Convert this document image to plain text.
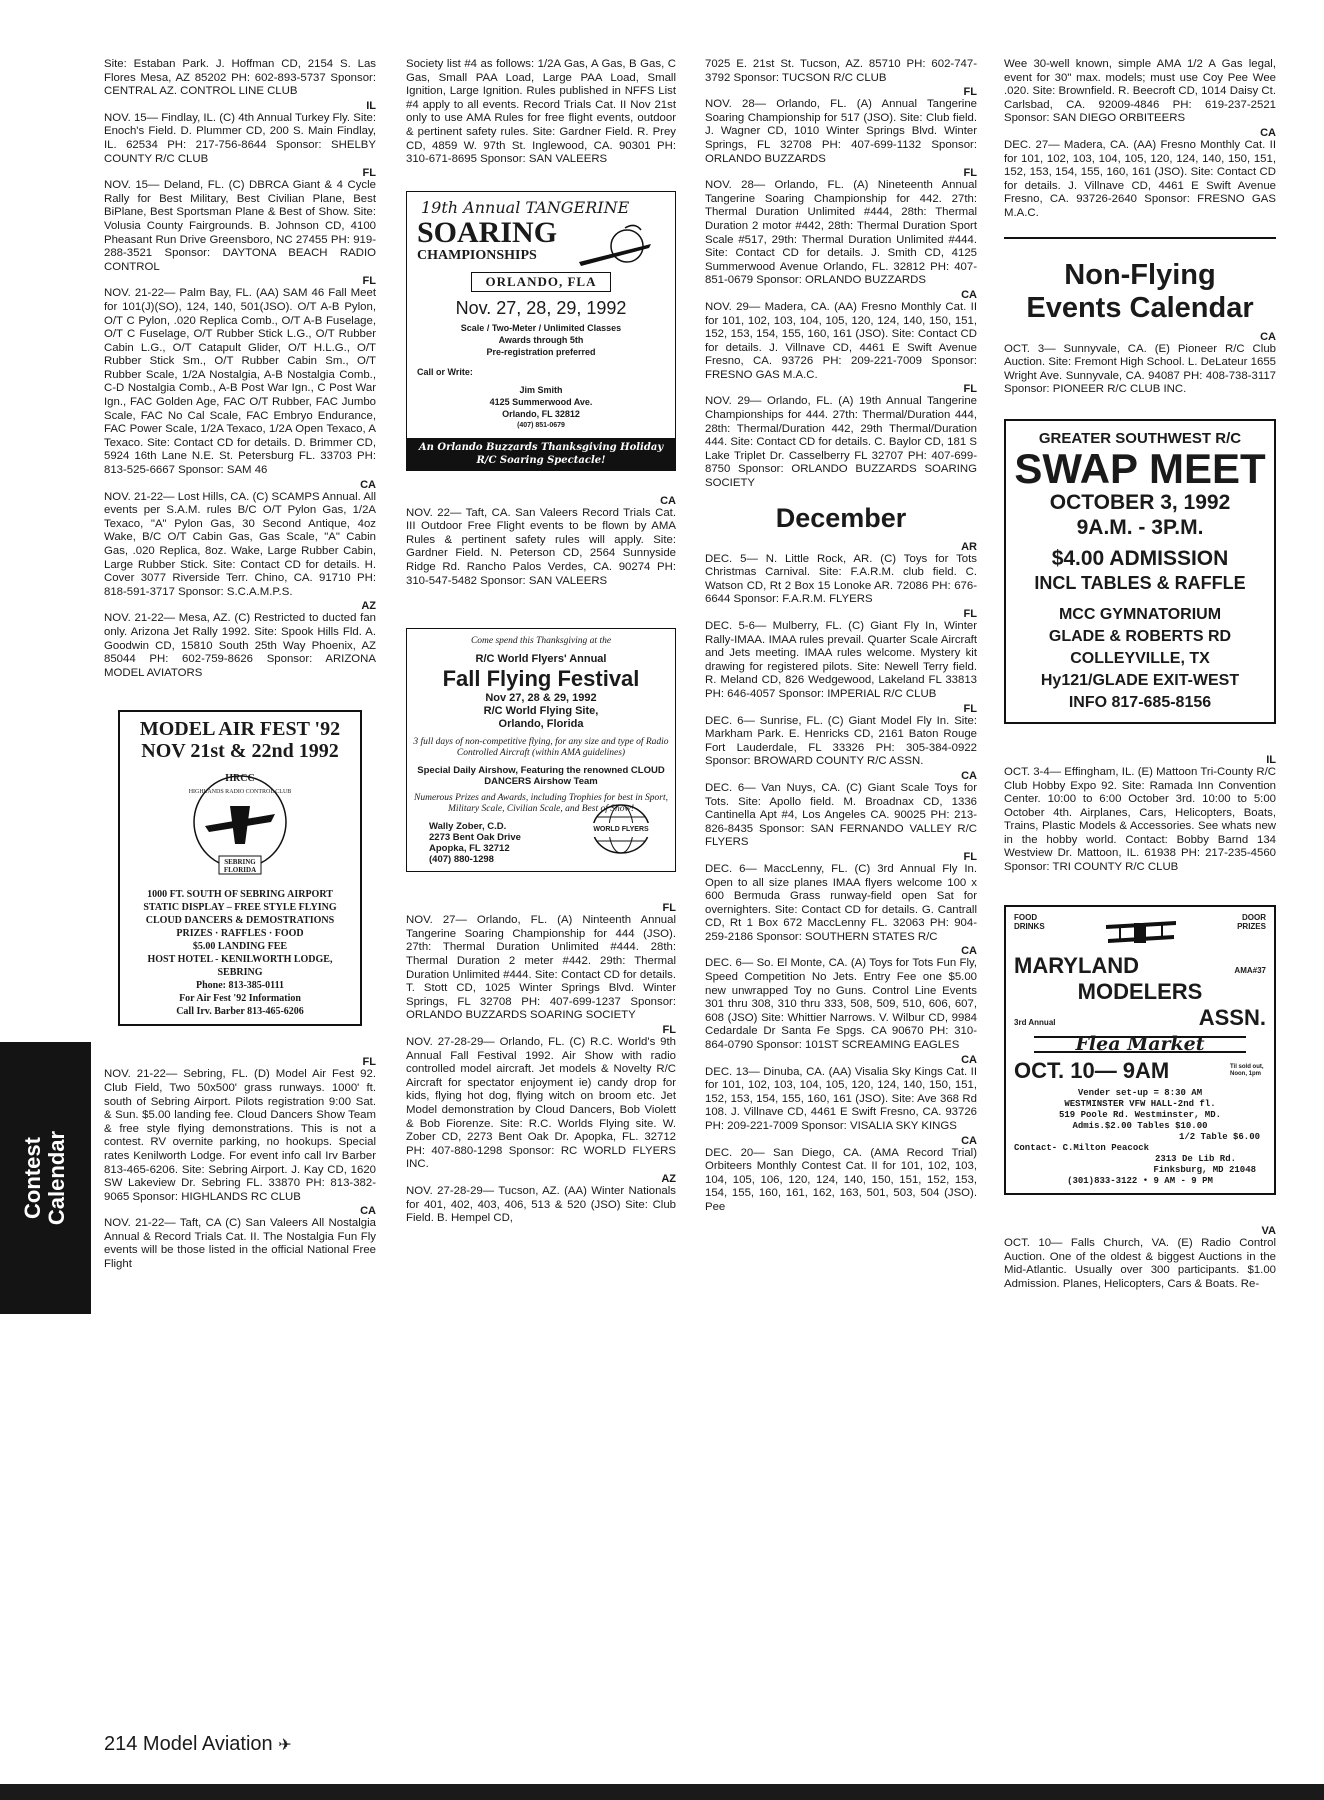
Site: Estaban Park. J. Hoffman CD, 2154 S. Las Flores Mesa, AZ 85202 PH: 602-893-5737 Sponsor: CENTRAL AZ. CONTROL LINE CLUB

IL

NOV. 15— Findlay, IL. (C) 4th Annual Turkey Fly. Site: Enoch's Field. D. Plummer CD, 200 S. Main Findlay, IL. 62534 PH: 217-756-8644 Sponsor: SHELBY COUNTY R/C CLUB

FL

NOV. 15— Deland, FL. (C) DBRCA Giant & 4 Cycle Rally for Best Military, Best Civilian Plane, Best BiPlane, Best Sportsman Plane & Best of Show. Site: Volusia County Fairgrounds. B. Johnson CD, 4100 Pheasant Run Drive Greensboro, NC 27455 PH: 919-288-3521 Sponsor: DAYTONA BEACH RADIO CONTROL

FL

NOV. 21-22— Palm Bay, FL. (AA) SAM 46 Fall Meet for 101(J)(SO), 124, 140, 501(JSO). O/T A-B Pylon, O/T C Pylon, .020 Replica Comb., O/T A-B Fuselage, O/T C Fuselage, O/T Rubber Stick L.G., O/T Rubber Cabin L.G., O/T Catapult Glider, O/T H.L.G., O/T Rubber Stick Sm., O/T Rubber Cabin Sm., O/T Rubber Scale, 1/2A Nostalgia, A-B Nostalgia Comb., C-D Nostalgia Comb., A-B Post War Ign., C Post War Ign., FAC Golden Age, FAC O/T Rubber, FAC Jumbo Scale, FAC No Cal Scale, FAC Embryo Endurance, FAC Power Scale, 1/2A Texaco, 1/2A Open Texaco, A Texaco. Site: Contact CD for details. D. Brimmer CD, 5924 16th Lane N.E. St. Petersburg FL. 33703 PH: 813-525-6667 Sponsor: SAM 46

CA

NOV. 21-22— Lost Hills, CA. (C) SCAMPS Annual. All events per S.A.M. rules B/C O/T Pylon Gas, 1/2A Texaco, "A" Pylon Gas, 30 Second Antique, 4oz Wake, B/C O/T Cabin Gas, Gas Scale, "A" Cabin Gas, .020 Replica, 8oz. Wake, Large Rubber Cabin, Large Rubber Stick. Site: Contact CD for details. H. Cover 3077 Riverside Terr. Chino, CA. 91710 PH: 818-591-3717 Sponsor: S.C.A.M.P.S.

AZ

NOV. 21-22— Mesa, AZ. (C) Restricted to ducted fan only. Arizona Jet Rally 1992. Site: Spook Hills Fld. A. Goodwin CD, 15810 South 25th Way Phoenix, AZ 85044 PH: 602-759-8626 Sponsor: ARIZONA MODEL AVIATORS

MODEL AIR FEST '92
NOV 21st & 22nd 1992
HRCC
HIGHLANDS RADIO CONTROL CLUB
SEBRING FLORIDA
1000 FT. SOUTH OF SEBRING AIRPORT
STATIC DISPLAY – FREE STYLE FLYING
CLOUD DANCERS & DEMOSTRATIONS
PRIZES · RAFFLES · FOOD
$5.00 LANDING FEE
HOST HOTEL - KENILWORTH LODGE, SEBRING
Phone: 813-385-0111
For Air Fest '92 Information
Call Irv. Barber 813-465-6206

FL

NOV. 21-22— Sebring, FL. (D) Model Air Fest 92. Club Field, Two 50x500' grass runways. 1000' ft. south of Sebring Airport. Pilots registration 9:00 Sat. & Sun. $5.00 landing fee. Cloud Dancers Show Team & free style flying demonstrations. This is not a contest. RV overnite parking, no hookups. Special rates Kenilworth Lodge. For event info call Irv Barber 813-465-6206. Site: Sebring Airport. J. Kay CD, 1620 SW Lakeview Dr. Sebring FL. 33870 PH: 813-382-9065 Sponsor: HIGHLANDS RC CLUB

CA

NOV. 21-22— Taft, CA (C) San Valeers All Nostalgia Annual & Record Trials Cat. II. The Nostalgia Fun Fly events will be those listed in the official National Free Flight

Society list #4 as follows: 1/2A Gas, A Gas, B Gas, C Gas, Small PAA Load, Large PAA Load, Small Ignition, Large Ignition. Rules published in NFFS List #4 apply to all events. Record Trials Cat. II Nov 21st only to use AMA Rules for free flight events, outdoor & pertinent safety rules. Site: Gardner Field. R. Prey CD, 4859 W. 97th St. Inglewood, CA. 90301 PH: 310-671-8695 Sponsor: SAN VALEERS

19th Annual TANGERINE
SOARING
CHAMPIONSHIPS
ORLANDO, FLA
Nov. 27, 28, 29, 1992
Scale / Two-Meter / Unlimited Classes
Awards through 5th
Pre-registration preferred
Call or Write:
Jim Smith
4125 Summerwood Ave.
Orlando, FL 32812
(407) 851-0679
An Orlando Buzzards Thanksgiving Holiday
R/C Soaring Spectacle!

CA

NOV. 22— Taft, CA. San Valeers Record Trials Cat. III Outdoor Free Flight events to be flown by AMA Rules & pertinent safety rules will apply. Site: Gardner Field. N. Peterson CD, 2564 Sunnyside Ridge Rd. Rancho Palos Verdes, CA. 90274 PH: 310-547-5482 Sponsor: SAN VALEERS

Come spend this Thanksgiving at the
R/C World Flyers' Annual
Fall Flying Festival
Nov 27, 28 & 29, 1992
R/C World Flying Site,
Orlando, Florida
3 full days of non-competitive flying, for any size and type of Radio Controlled Aircraft (within AMA guidelines)
Special Daily Airshow, Featuring the renowned CLOUD DANCERS Airshow Team
Numerous Prizes and Awards, including Trophies for best in Sport, Military Scale, Civilian Scale, and Best of Show!
Wally Zober, C.D.
2273 Bent Oak Drive
Apopka, FL 32712
(407) 880-1298
WORLD FLYERS

FL

NOV. 27— Orlando, FL. (A) Ninteenth Annual Tangerine Soaring Championship for 444 (JSO). 27th: Thermal Duration Unlimited #444. 28th: Thermal Duration 2 meter #442. 29th: Thermal Duration Unlimited #444. Site: Contact CD for details. T. Stott CD, 1025 Winter Springs Blvd. Winter Springs, FL 32708 PH: 407-699-1237 Sponsor: ORLANDO BUZZARDS SOARING SOCIETY

FL

NOV. 27-28-29— Orlando, FL. (C) R.C. World's 9th Annual Fall Festival 1992. Air Show with radio controlled model aircraft. Jet models & Novelty R/C Aircraft for spectator enjoyment ie) candy drop for kids, flying hot dog, flying witch on broom etc. Jet Model demonstration by Cloud Dancers, Bob Violett & Bob Fiorenze. Site: R.C. Worlds Flying site. W. Zober CD, 2273 Bent Oak Dr. Apopka, FL. 32712 PH: 407-880-1298 Sponsor: RC WORLD FLYERS INC.

AZ

NOV. 27-28-29— Tucson, AZ. (AA) Winter Nationals for 401, 402, 403, 406, 513 & 520 (JSO) Site: Club Field. B. Hempel CD,

7025 E. 21st St. Tucson, AZ. 85710 PH: 602-747-3792 Sponsor: TUCSON R/C CLUB

FL

NOV. 28— Orlando, FL. (A) Annual Tangerine Soaring Championship for 517 (JSO). Site: Club field. J. Wagner CD, 1010 Winter Springs Blvd. Winter Springs, FL 32708 PH: 407-699-1132 Sponsor: ORLANDO BUZZARDS

FL

NOV. 28— Orlando, FL. (A) Nineteenth Annual Tangerine Soaring Championship for 442. 27th: Thermal Duration Unlimited #444, 28th: Thermal Duration 2 motor #442, 28th: Thermal Duration Sport Scale #517, 29th: Thermal Duration Unlimited #444. Site: Contact CD for details. J. Smith CD, 4125 Summerwood Avenue Orlando, FL. 32812 PH: 407-851-0679 Sponsor: ORLANDO BUZZARDS

CA

NOV. 29— Madera, CA. (AA) Fresno Monthly Cat. II for 101, 102, 103, 104, 105, 120, 124, 140, 150, 151, 152, 153, 154, 155, 160, 161 (JSO). Site: Contact CD for details. J. Villnave CD, 4461 E Swift Avenue Fresno, CA. 93726 PH: 209-221-7009 Sponsor: FRESNO GAS M.A.C.

FL

NOV. 29— Orlando, FL. (A) 19th Annual Tangerine Championships for 444. 27th: Thermal/Duration 444, 28th: Thermal/Duration 442, 29th Thermal/Duration 444. Site: Contact CD for details. C. Baylor CD, 181 S Lake Triplet Dr. Casselberry FL 32707 PH: 407-699-8750 Sponsor: ORLANDO BUZZARDS SOARING SOCIETY

December

AR

DEC. 5— N. Little Rock, AR. (C) Toys for Tots Christmas Carnival. Site: F.A.R.M. club field. C. Watson CD, Rt 2 Box 15 Lonoke AR. 72086 PH: 676-6644 Sponsor: F.A.R.M. FLYERS

FL

DEC. 5-6— Mulberry, FL. (C) Giant Fly In, Winter Rally-IMAA. IMAA rules prevail. Quarter Scale Aircraft and Jets meeting. IMAA rules welcome. Mystery kit drawing for registered pilots. Site: Newell Terry field. R. Meland CD, 826 Wedgewood, Lakeland FL 33813 PH: 646-4057 Sponsor: IMPERIAL R/C CLUB

FL

DEC. 6— Sunrise, FL. (C) Giant Model Fly In. Site: Markham Park. E. Henricks CD, 2161 Baton Rouge Fort Lauderdale, FL 33326 PH: 305-384-0922 Sponsor: BROWARD COUNTY R/C ASSN.

CA

DEC. 6— Van Nuys, CA. (C) Giant Scale Toys for Tots. Site: Apollo field. M. Broadnax CD, 1336 Cantinella Apt #4, Los Angeles CA. 90025 PH: 213-826-8435 Sponsor: SAN FERNANDO VALLEY R/C FLYERS

FL

DEC. 6— MaccLenny, FL. (C) 3rd Annual Fly In. Open to all size planes IMAA flyers welcome 100 x 600 Bermuda Grass runway-field open Sat for overnighters. Site: Contact CD for details. G. Cantrall CD, Rt 1 Box 672 MaccLenny FL. 32063 PH: 904-259-2186 Sponsor: SOUTHERN STATES R/C

CA

DEC. 6— So. El Monte, CA. (A) Toys for Tots Fun Fly, Speed Competition No Jets. Entry Fee one $5.00 new unwrapped Toy no Guns. Control Line Events 301 thru 308, 310 thru 333, 508, 509, 510, 606, 607, 608 (JSO) Site: Whittier Narrows. V. Wilbur CD, 9984 Cedardale Dr Santa Fe Spgs. CA 90670 PH: 310-864-0790 Sponsor: 101ST SCREAMING EAGLES

CA

DEC. 13— Dinuba, CA. (AA) Visalia Sky Kings Cat. II for 101, 102, 103, 104, 105, 120, 124, 140, 150, 151, 152, 153, 154, 155, 160, 161 (JSO). Site: Ave 368 Rd 108. J. Villnave CD, 4461 E Swift Fresno, CA. 93726 PH: 209-221-7009 Sponsor: VISALIA SKY KINGS

CA

DEC. 20— San Diego, CA. (AMA Record Trial) Orbiteers Monthly Contest Cat. II for 101, 102, 103, 104, 105, 106, 120, 124, 140, 150, 151, 152, 153, 154, 155, 160, 161, 162, 163, 501, 503, 504 (JSO). Pee

Wee 30-well known, simple AMA 1/2 A Gas legal, event for 30" max. models; must use Coy Pee Wee .020. Site: Brownfield. R. Beecroft CD, 1014 Daisy Ct. Carlsbad, CA. 92009-4846 PH: 619-237-2521 Sponsor: SAN DIEGO ORBITEERS

CA

DEC. 27— Madera, CA. (AA) Fresno Monthly Cat. II for 101, 102, 103, 104, 105, 120, 124, 140, 150, 151, 152, 153, 154, 155, 160, 161 (JSO). Site: Contact CD for details. J. Villnave CD, 4461 E Swift Avenue Fresno, CA. 93726-2640 Sponsor: FRESNO GAS M.A.C.

Non-Flying
Events Calendar

CA

OCT. 3— Sunnyvale, CA. (E) Pioneer R/C Club Auction. Site: Fremont High School. L. DeLateur 1655 Wright Ave. Sunnyvale, CA. 94087 PH: 408-738-3117 Sponsor: PIONEER R/C CLUB INC.

GREATER SOUTHWEST R/C
SWAP MEET
OCTOBER 3, 1992
9A.M. - 3P.M.
$4.00 ADMISSION
INCL TABLES & RAFFLE
MCC GYMNATORIUM
GLADE & ROBERTS RD
COLLEYVILLE, TX
Hy121/GLADE EXIT-WEST
INFO 817-685-8156

IL

OCT. 3-4— Effingham, IL. (E) Mattoon Tri-County R/C Club Hobby Expo 92. Site: Ramada Inn Convention Center. 10:00 to 6:00 October 3rd. 10:00 to 5:00 October 4th. Airplanes, Cars, Helicopters, Boats, Trains, Plastic Models & Accessories. See whats new in the hobby world. Contact: Bobby Barnd 134 Westview Dr. Mattoon, IL. 61938 PH: 217-235-4560 Sponsor: TRI COUNTY R/C CLUB

FOOD
DRINKS
DOOR
PRIZES
MARYLAND	AMA#37
MODELERS
3rd Annual	ASSN.
Flea Market
OCT. 10— 9AM	Til sold out, Noon, 1pm
Vender set-up = 8:30 AM
WESTMINSTER VFW HALL-2nd fl.
519 Poole Rd. Westminster, MD.
Admis.$2.00 Tables $10.00
1/2 Table $6.00
Contact- C.Milton Peacock
2313 De Lib Rd.
Finksburg, MD 21048
(301)833-3122 • 9 AM - 9 PM

VA

OCT. 10— Falls Church, VA. (E) Radio Control Auction. One of the oldest & biggest Auctions in the Mid-Atlantic. Usually over 300 participants. $1.00 Admission. Planes, Helicopters, Cars & Boats. Re-

Contest Calendar
214 Model Aviation ✈
